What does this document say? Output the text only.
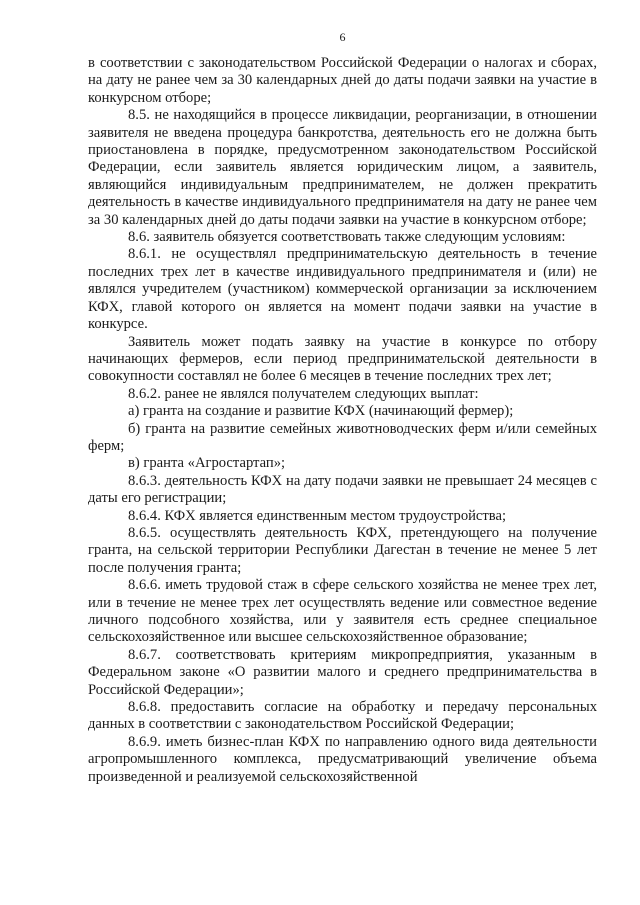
6

в соответствии с законодательством Российской Федерации о налогах и сборах, на дату не ранее чем за 30 календарных дней до даты подачи заявки на участие в конкурсном отборе;

8.5. не находящийся в процессе ликвидации, реорганизации, в отношении заявителя не введена процедура банкротства, деятельность его не должна быть приостановлена в порядке, предусмотренном законодательством Российской Федерации, если заявитель является юридическим лицом, а заявитель, являющийся индивидуальным предпринимателем, не должен прекратить деятельность в качестве индивидуального предпринимателя на дату не ранее чем за 30 календарных дней до даты подачи заявки на участие в конкурсном отборе;

8.6. заявитель обязуется соответствовать также следующим условиям:

8.6.1. не осуществлял предпринимательскую деятельность в течение последних трех лет в качестве индивидуального предпринимателя и (или) не являлся учредителем (участником) коммерческой организации за исключением КФХ, главой которого он является на момент подачи заявки на участие в конкурсе.

Заявитель может подать заявку на участие в конкурсе по отбору начинающих фермеров, если период предпринимательской деятельности в совокупности составлял не более 6 месяцев в течение последних трех лет;

8.6.2. ранее не являлся получателем следующих выплат:

а) гранта на создание и развитие КФХ (начинающий фермер);

б) гранта на развитие семейных животноводческих ферм и/или семейных ферм;

в) гранта «Агростартап»;

8.6.3. деятельность КФХ на дату подачи заявки не превышает 24 месяцев с даты его регистрации;

8.6.4. КФХ является единственным местом трудоустройства;

8.6.5. осуществлять деятельность КФХ, претендующего на получение гранта, на сельской территории Республики Дагестан в течение не менее 5 лет после получения гранта;

8.6.6. иметь трудовой стаж в сфере сельского хозяйства не менее трех лет, или в течение не менее трех лет осуществлять ведение или совместное ведение личного подсобного хозяйства, или у заявителя есть среднее специальное сельскохозяйственное или высшее сельскохозяйственное образование;

8.6.7. соответствовать критериям микропредприятия, указанным в Федеральном законе «О развитии малого и среднего предпринимательства в Российской Федерации»;

8.6.8. предоставить согласие на обработку и передачу персональных данных в соответствии с законодательством Российской Федерации;

8.6.9. иметь бизнес-план КФХ по направлению одного вида деятельности агропромышленного комплекса, предусматривающий увеличение объема произведенной и реализуемой сельскохозяйственной
